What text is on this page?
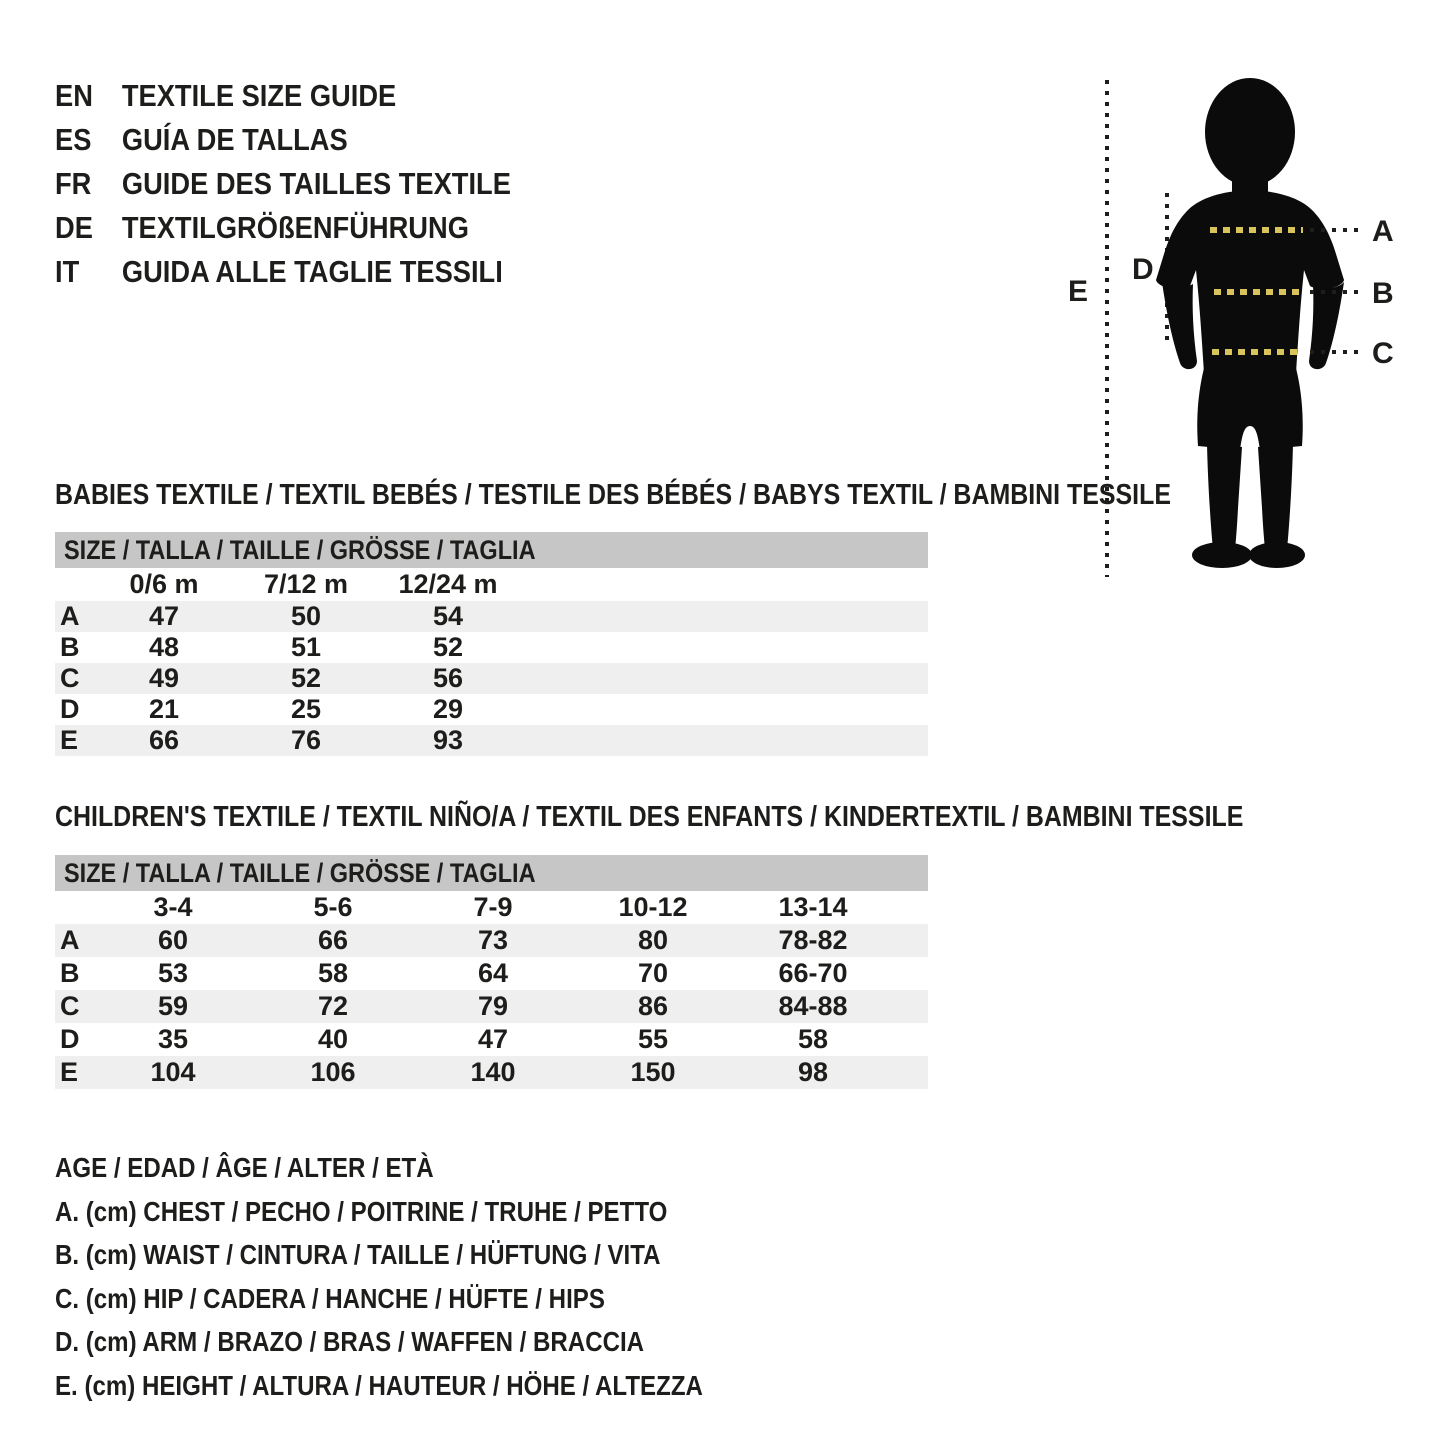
EN TEXTILE SIZE GUIDE
ES GUÍA DE TALLAS
FR GUIDE DES TAILLES TEXTILE
DE TEXTILGRÖßENFÜHRUNG
IT	GUIDA ALLE TAGLIE TESSILI
A
B
C
D
E
BABIES TEXTILE / TEXTIL BEBÉS / TESTILE DES BÉBÉS / BABYS TEXTIL / BAMBINI TESSILE
SIZE / TALLA / TAILLE / GRÖSSE / TAGLIA
0/6 m	7/12 m	12/24 m
A	47	50	54
B	48	51	52
C	49	52	56
D	21	25	29
E	66	76	93
CHILDREN'S TEXTILE / TEXTIL NIÑO/A / TEXTIL DES ENFANTS / KINDERTEXTIL / BAMBINI TESSILE
SIZE / TALLA / TAILLE / GRÖSSE / TAGLIA
3-4	5-6	7-9	10-12	13-14
A	60	66	73	80	78-82
B	53	58	64	70	66-70
C	59	72	79	86	84-88
D	35	40	47	55	58
E	104	106	140	150	98
AGE / EDAD / ÂGE / ALTER / ETÀ
A. (cm) CHEST / PECHO / POITRINE / TRUHE / PETTO
B. (cm) WAIST / CINTURA / TAILLE / HÜFTUNG / VITA
C. (cm) HIP / CADERA / HANCHE / HÜFTE / HIPS
D. (cm) ARM / BRAZO / BRAS / WAFFEN / BRACCIA
E. (cm) HEIGHT / ALTURA / HAUTEUR / HÖHE / ALTEZZA
